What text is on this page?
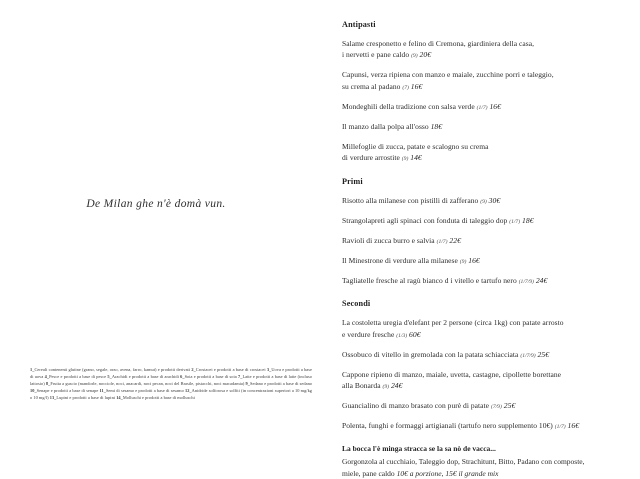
De Milan ghe n'è domà vun.
1_Cereali contenenti glutine (grano, segale, orzo, avena, farro, kamut) e prodotti derivati 2_Crostacei e prodotti a base di crostacei 3_Uova e prodotti a base di uova 4_Pesce e prodotti a base di pesce 5_Arachidi e prodotti a base di arachidi 6_Soia e prodotti a base di soia 7_Latte e prodotti a base di latte (incluso lattosio) 8_Frutta a guscio (mandorle, nocciole, noci, anacardi, noci pecan, noci del Brasile, pistacchi, noci macadamia) 9_Sedano e prodotti a base di sedano 10_Senape e prodotti a base di senape 11_Semi di sesamo e prodotti a base di sesamo 12_Anidride solforosa e solfiti (in concentrazioni superiori a 10 mg/kg o 10 mg/l) 13_Lupini e prodotti a base di lupini 14_Molluschi e prodotti a base di molluschi
Antipasti

Salame cresponetto e felino di Cremona, giardiniera della casa,
i nervetti e pane caldo (9) 20€

Capunsi, verza ripiena con manzo e maiale, zucchine porri e taleggio,
su crema al padano (7) 16€

Mondeghili della tradizione con salsa verde (1/7) 16€

Il manzo dalla polpa all'osso 18€

Millefoglie di zucca, patate e scalogno su crema
di verdure arrostite (9) 14€

Primi

Risotto alla milanese con pistilli di zafferano (9) 30€

Strangolapreti agli spinaci con fonduta di taleggio dop (1/7) 18€

Ravioli di zucca burro e salvia (1/7) 22€

Il Minestrone di verdure alla milanese (9) 16€

Tagliatelle fresche al ragù bianco d i vitello e tartufo nero (1/7/9) 24€

Secondi

La costoletta uregia d'elefant per 2 persone (circa 1kg) con patate arrosto
e verdure fresche (1/3) 60€

Ossobuco di vitello in gremolada con la patata schiacciata (1/7/9) 25€

Cappone ripieno di manzo, maiale, uvetta, castagne, cipollette borettane
alla Bonarda (9) 24€

Guancialino di manzo brasato con purè di patate (7/9) 25€

Polenta, funghi e formaggi artigianali (tartufo nero supplemento 10€) (1/7) 16€

La bocca l'è minga stracca se la sa nò de vacca...
Gorgonzola al cucchiaio, Taleggio dop, Strachitunt, Bitto, Padano con composte,
miele, pane caldo 10€ a porzione, 15€ il grande mix
